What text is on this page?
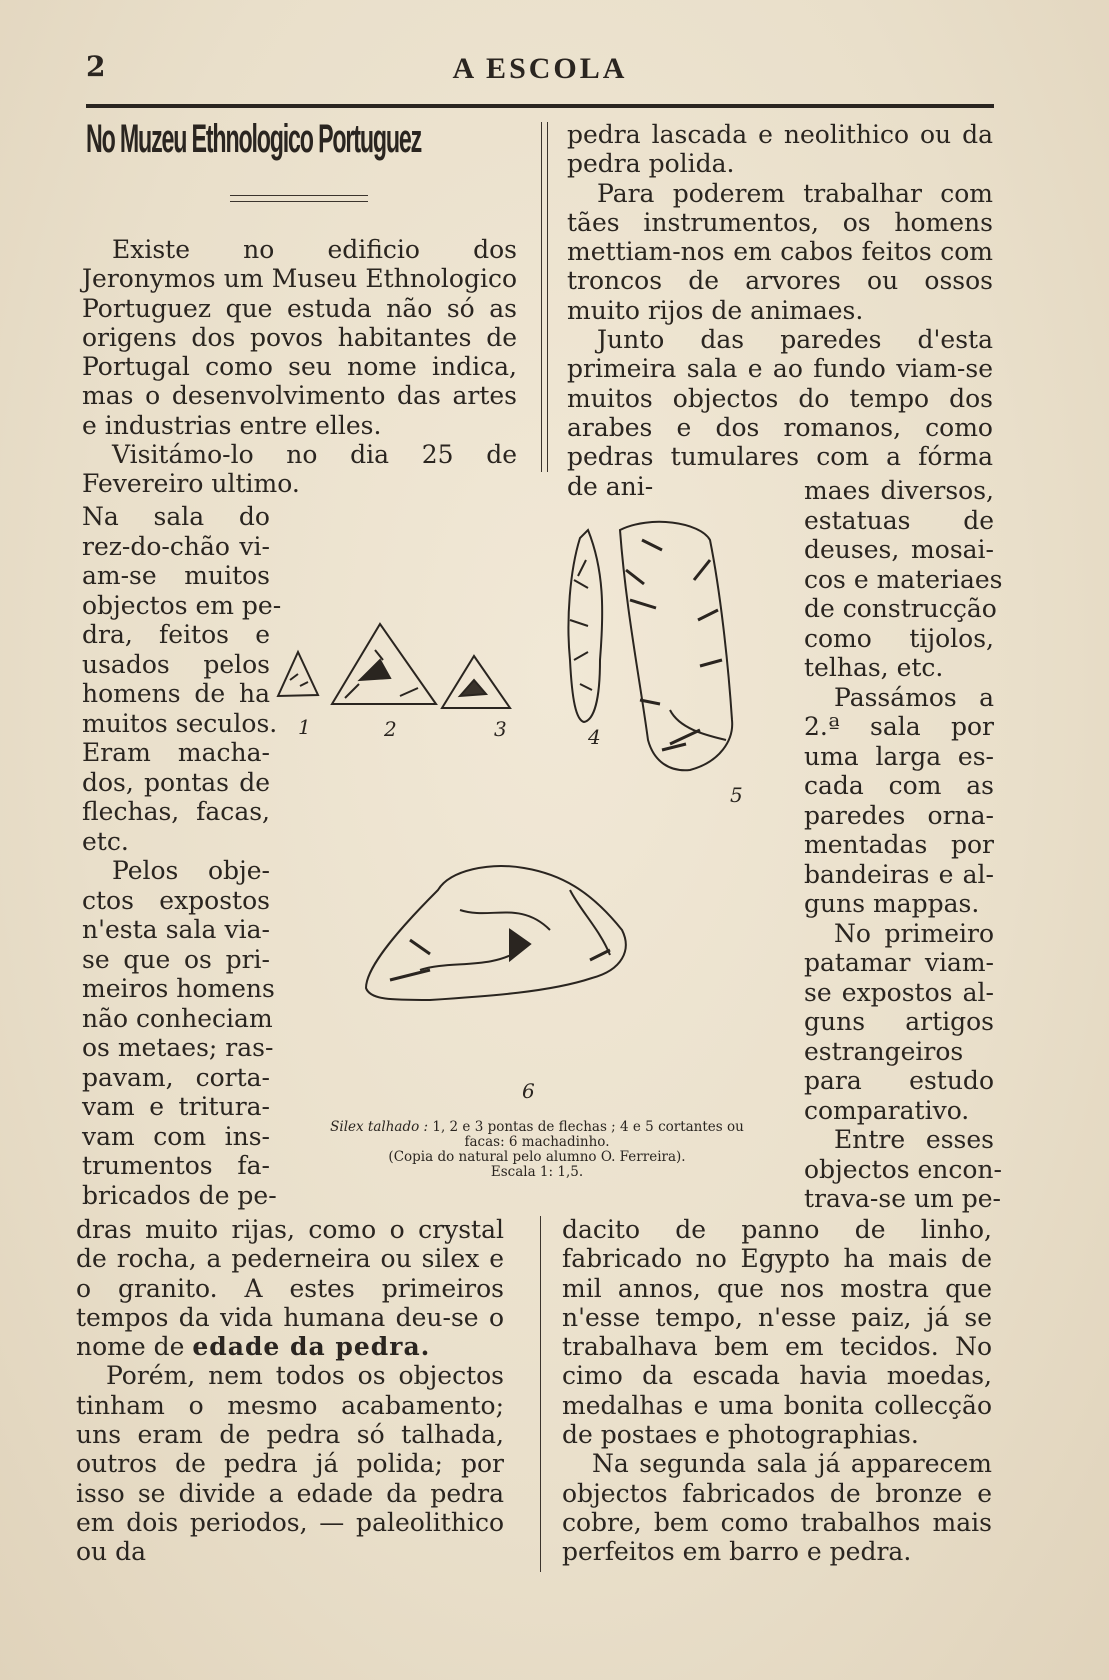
2	A ESCOLA
No Muzeu Ethnologico Portuguez

Existe no edificio dos Jeronymos um Museu Ethnologico Portuguez que estuda não só as origens dos povos habitantes de Portugal como seu nome indica, mas o desenvolvimento das artes e industrias entre elles.

Visitámo-lo no dia 25 de Fevereiro ultimo.

Na sala do
rez-do-chão vi-
am-se muitos
objectos em pe-
dra, feitos e
usados pelos
homens de ha
muitos seculos.
Eram macha-
dos, pontas de
flechas, facas,
etc.
Pelos obje-
ctos expostos
n'esta sala via-
se que os pri-
meiros homens
não conheciam
os metaes; ras-
pavam, corta-
vam e tritura-
vam com ins-
trumentos fa-
bricados de pe-

dras muito rijas, como o crystal de rocha, a pederneira ou silex e o granito. A estes primeiros tempos da vida humana deu-se o nome de edade da pedra.

Porém, nem todos os objectos tinham o mesmo acabamento; uns eram de pedra só talhada, outros de pedra já polida; por isso se divide a edade da pedra em dois periodos, — paleolithico ou da

pedra lascada e neolithico ou da pedra polida.

Para poderem trabalhar com tães instrumentos, os homens mettiam-nos em cabos feitos com troncos de arvores ou ossos muito rijos de animaes.

Junto das paredes d'esta primeira sala e ao fundo viam-se muitos objectos do tempo dos arabes e dos romanos, como pedras tumulares com a fórma de ani-	maes diversos,
estatuas de
deuses, mosai-
cos e materiaes
de construcção
como tijolos,
telhas, etc.
Passámos a
2.ª sala por
uma larga es-
cada com as
paredes orna-
mentadas por
bandeiras e al-
guns mappas.
No primeiro
patamar viam-
se expostos al-
guns artigos
estrangeiros
para estudo
comparativo.
Entre esses
objectos encon-
trava-se um pe-

dacito de panno de linho, fabricado no Egypto ha mais de mil annos, que nos mostra que n'esse tempo, n'esse paiz, já se trabalhava bem em tecidos. No cimo da escada havia moedas, medalhas e uma bonita collecção de postaes e photographias.

Na segunda sala já apparecem objectos fabricados de bronze e cobre, bem como trabalhos mais perfeitos em barro e pedra.

1	2	3	4
5
6
Silex talhado : 1, 2 e 3 pontas de flechas ; 4 e 5 cortantes ou
facas: 6 machadinho.
(Copia do natural pelo alumno O. Ferreira).
Escala 1: 1,5.
